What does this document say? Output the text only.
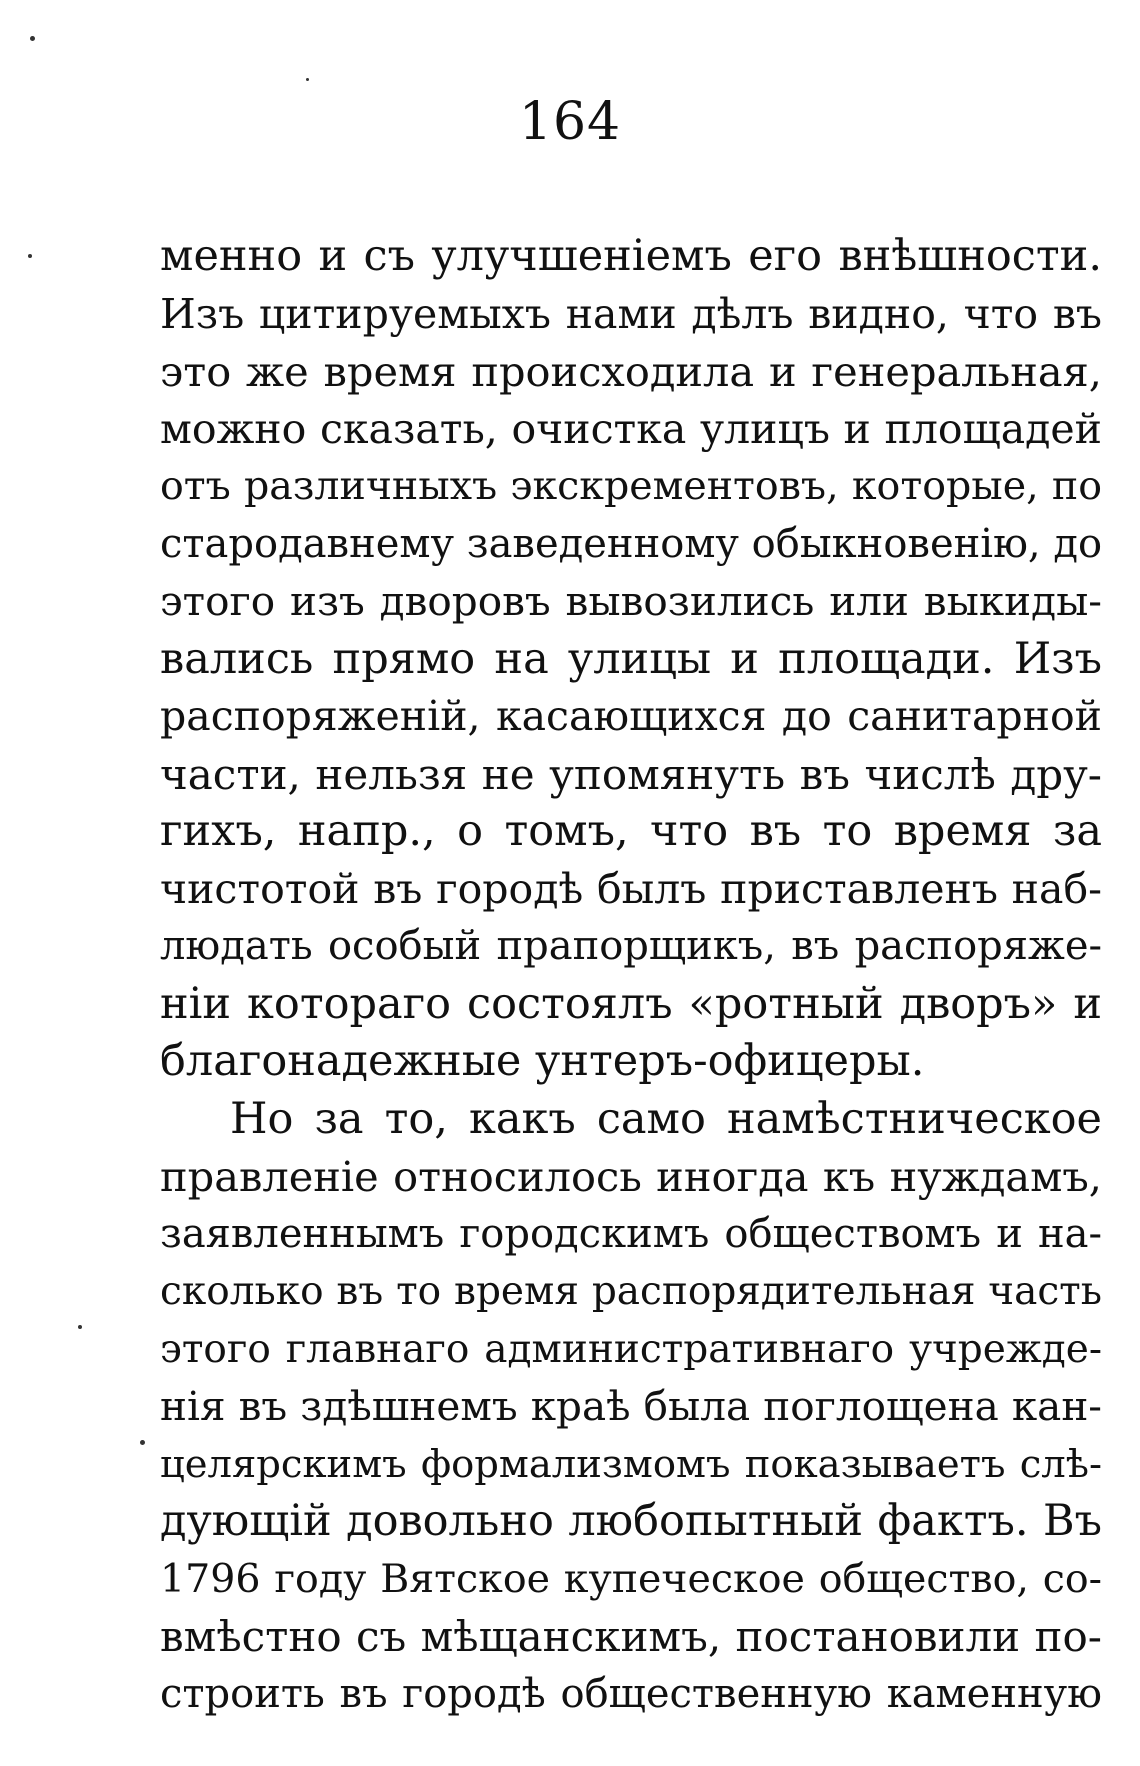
164
менно и съ улучшеніемъ его внѣшности.
Изъ цитируемыхъ нами дѣлъ видно, что въ
это же время происходила и генеральная,
можно сказать, очистка улицъ и площадей
отъ различныхъ экскрементовъ, которые, по
стародавнему заведенному обыкновенію, до
этого изъ дворовъ вывозились или выкиды-
вались прямо на улицы и площади. Изъ
распоряженій, касающихся до санитарной
части, нельзя не упомянуть въ числѣ дру-
гихъ, напр., о томъ, что въ то время за
чистотой въ городѣ былъ приставленъ наб-
людать особый прапорщикъ, въ распоряже-
ніи котораго состоялъ «ротный дворъ» и
благонадежные унтеръ-офицеры.
Но за то, какъ само намѣстническое
правленіе относилось иногда къ нуждамъ,
заявленнымъ городскимъ обществомъ и на-
сколько въ то время распорядительная часть
этого главнаго административнаго учрежде-
нія въ здѣшнемъ краѣ была поглощена кан-
целярскимъ формализмомъ показываетъ слѣ-
дующій довольно любопытный фактъ. Въ
1796 году Вятское купеческое общество, со-
вмѣстно съ мѣщанскимъ, постановили по-
строить въ городѣ общественную каменную
